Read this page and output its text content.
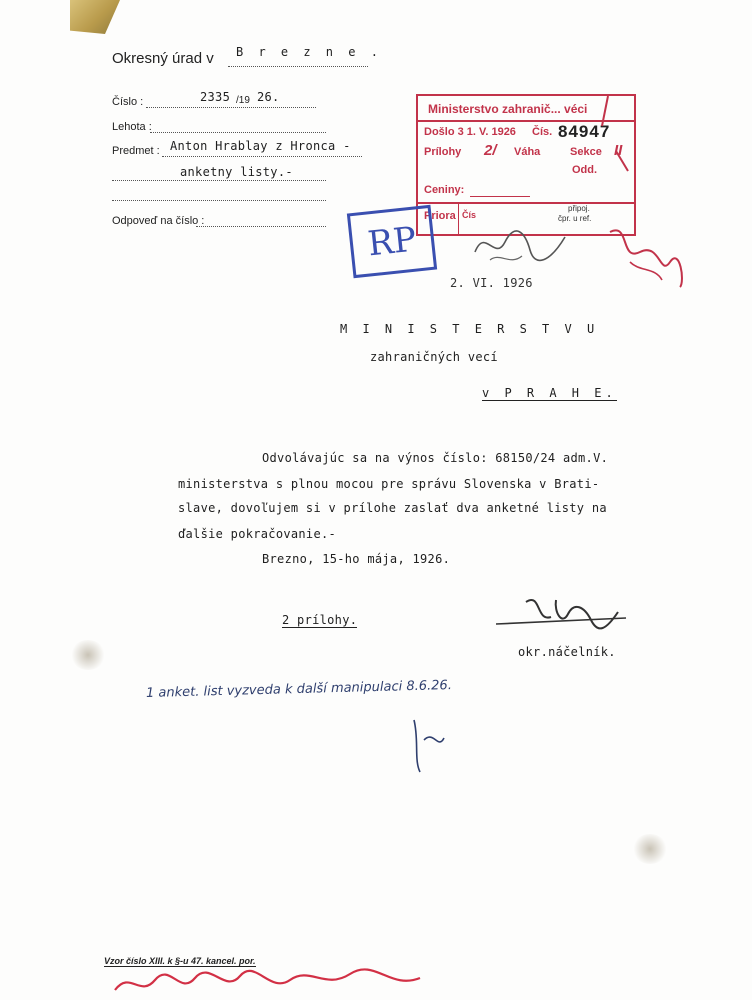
Okresný úrad v B r e z n e .
Číslo :	2335 /19 26.
Lehota :
Predmet : Anton Hrablay z Hronca -
anketny listy.-
Odpoveď na číslo :
Ministerstvo zahranič... véci
Došlo 3 1. V. 1926 Čís. 84947
Prílohy 2/ Váha	Sekce II
Odd.
Ceniny:
Priora Čís
připoj.
čpr. u ref.
RP
2. VI. 1926
M I N I S T E R S T V U
zahraničných vecí
v P R A H E.
Odvolávajúc sa na výnos číslo: 68150/24 adm.V.
ministerstva s plnou mocou pre správu Slovenska v Brati-
slave, dovoľujem si v prílohe zaslať dva anketné listy na
ďalšie pokračovanie.-
Brezno, 15-ho mája, 1926.
2 prílohy.
okr.náčelník.
1 anket. list vyzveda k další manipulaci 8.6.26.
Vzor číslo XIII. k §-u 47. kancel. por.
